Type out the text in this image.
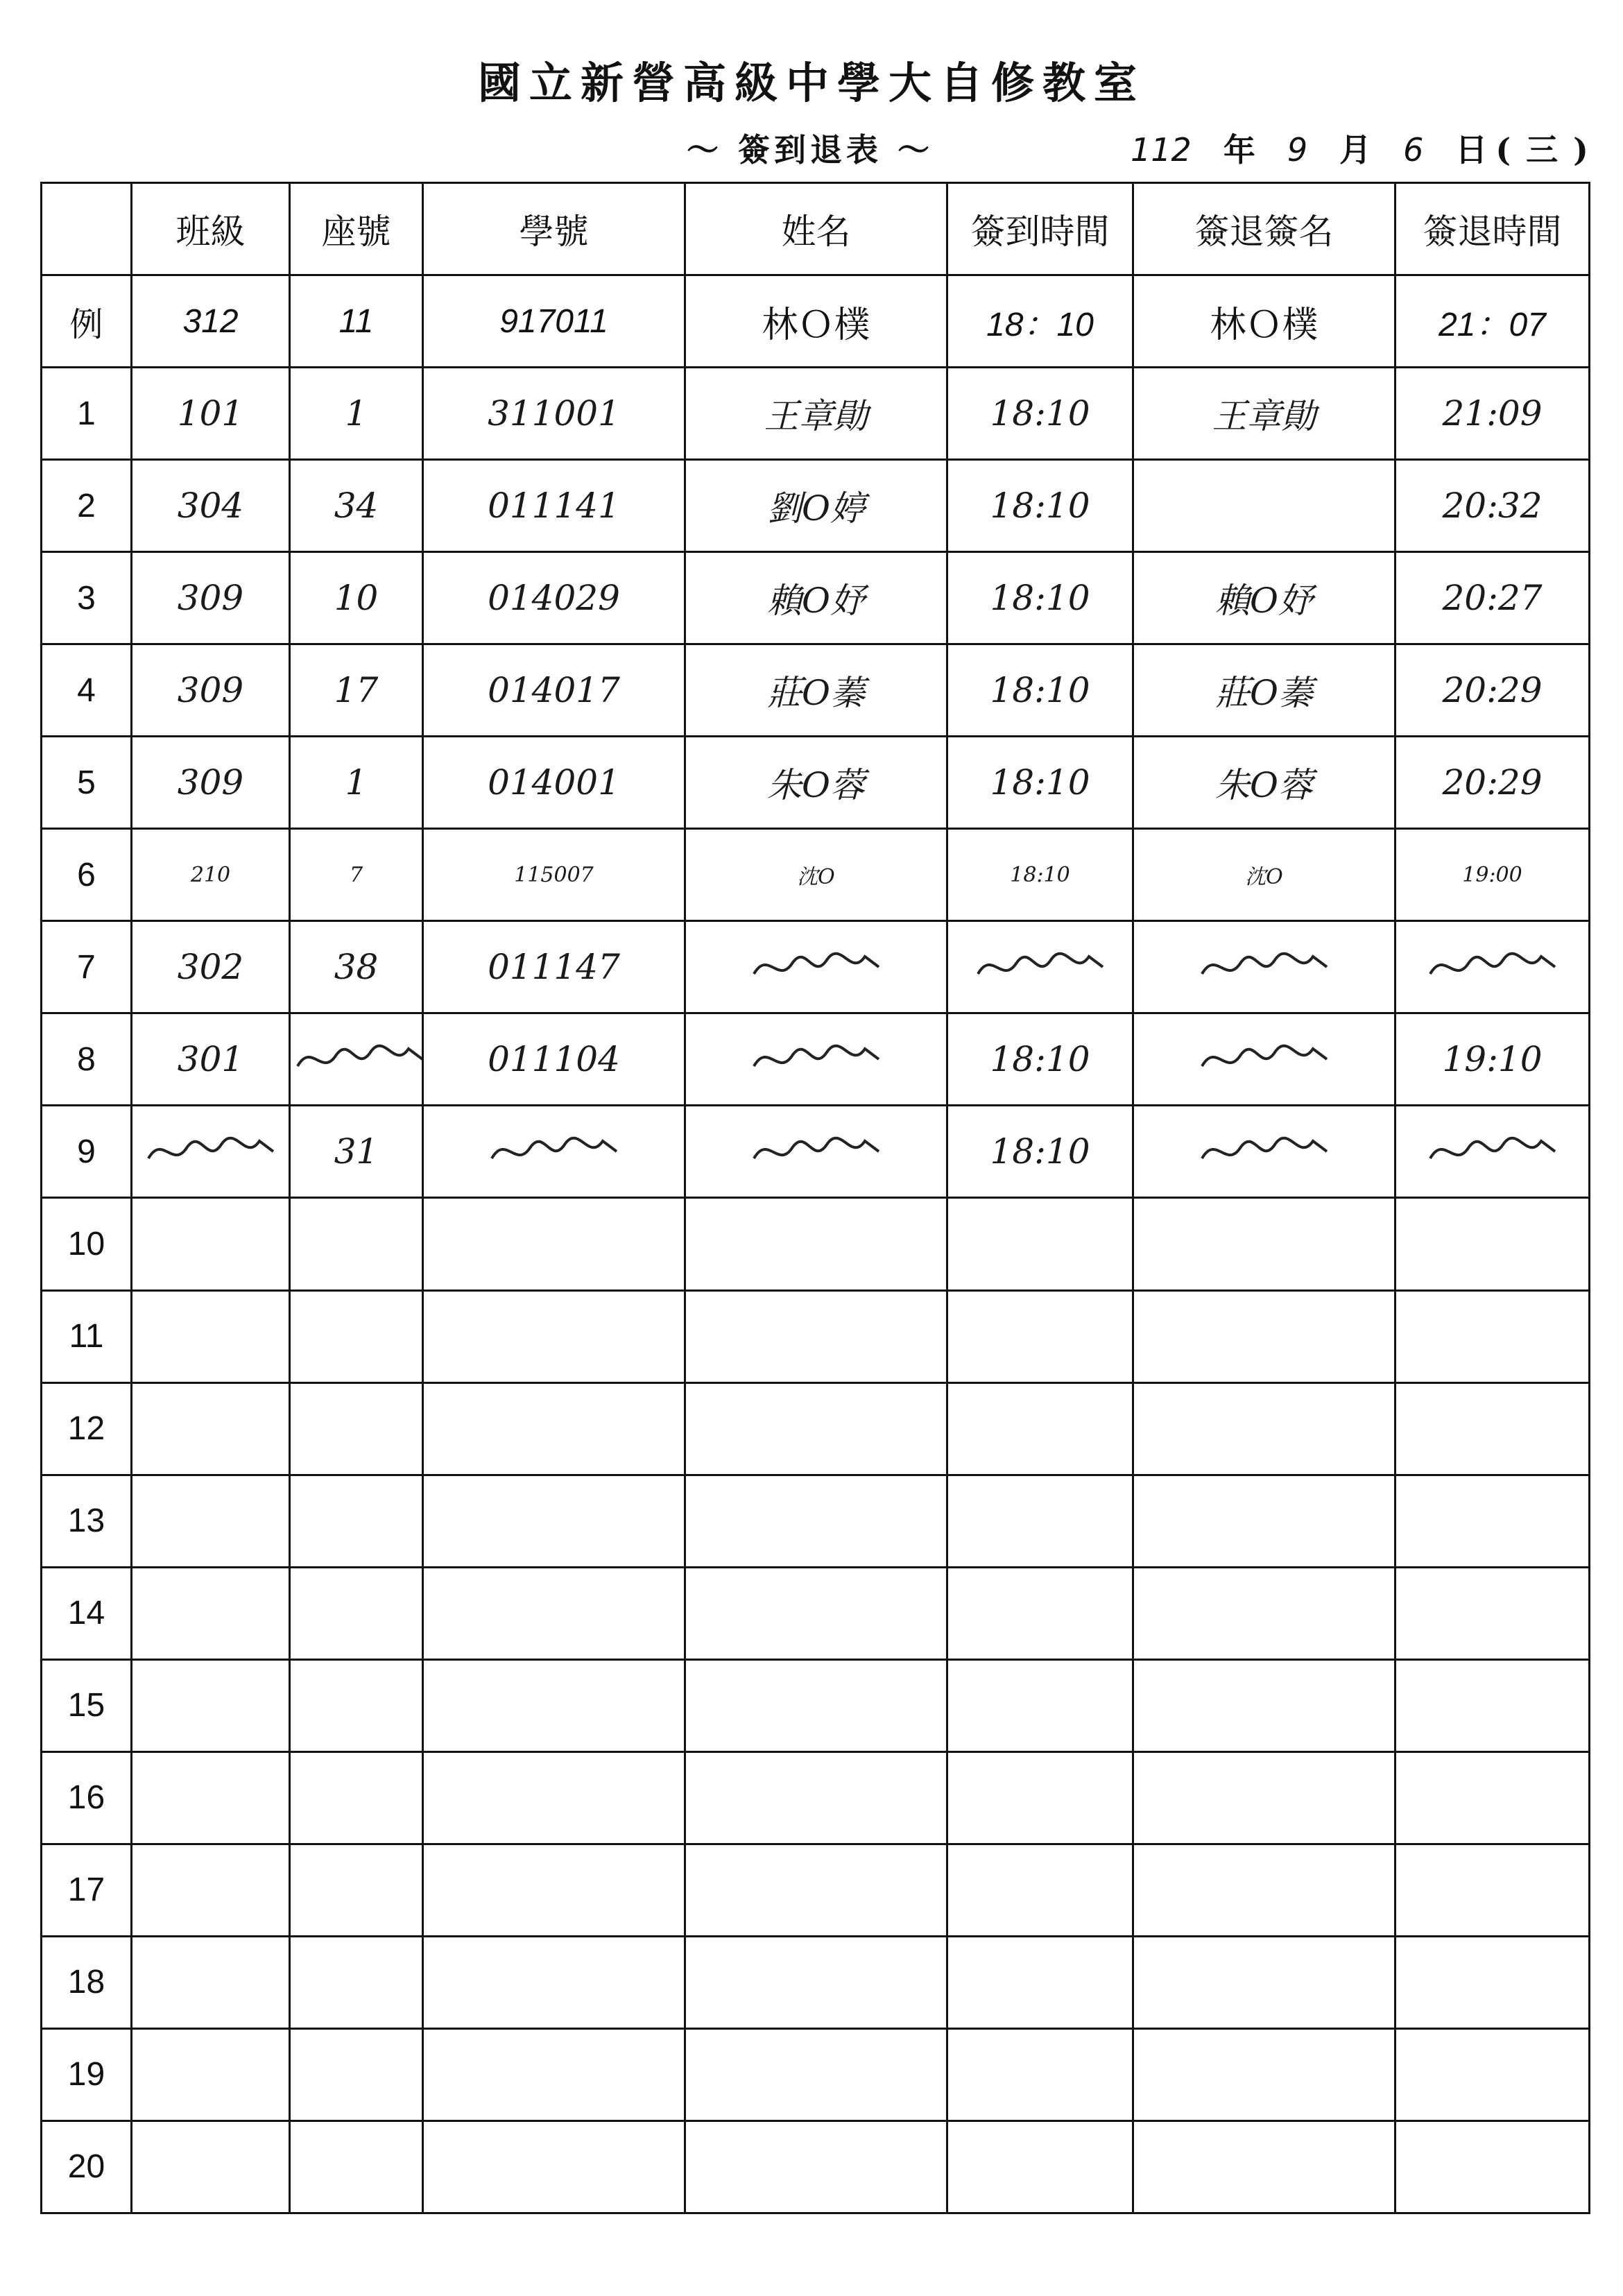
國立新營高級中學大自修教室
～ 簽到退表 ～	112 年 9 月 6 日 ( 三 )
	班級	座號	學號	姓名	簽到時間	簽退簽名	簽退時間
例	312	11	917011	林Ｏ樸	18：10	林Ｏ樸	21：07
1	101	1	311001	王章勛	18:10	王章勛	21:09
2	304	34	011141	劉O婷	18:10		20:32
3	309	10	014029	賴O妤	18:10	賴O妤	20:27
4	309	17	014017	莊O蓁	18:10	莊O蓁	20:29
5	309	1	014001	朱O蓉	18:10	朱O蓉	20:29
6	210	7	115007	沈O	18:10	沈O	19:00
7	302	38	011147	

8	301		011104		18:10		19:10
9		31			18:10	

10							
11							
12							
13							
14							
15							
16							
17							
18							
19							
20							
